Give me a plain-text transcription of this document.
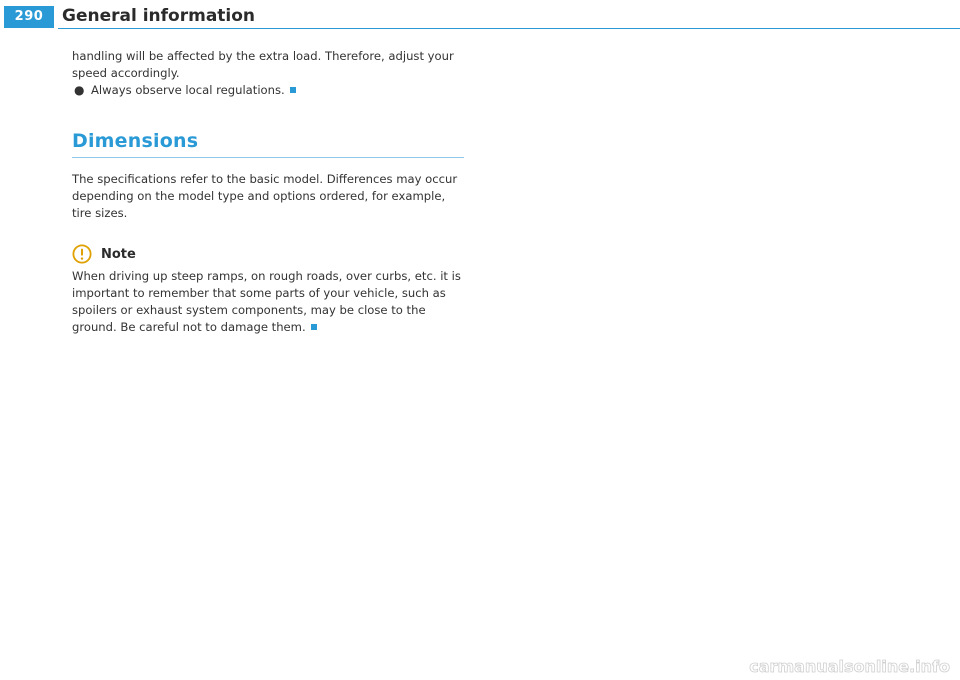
290	General information

handling will be affected by the extra load. Therefore, adjust your speed accordingly.

● Always observe local regulations.

Dimensions

The specifications refer to the basic model. Differences may occur depending on the model type and options ordered, for example, tire sizes.

Note

When driving up steep ramps, on rough roads, over curbs, etc. it is important to remember that some parts of your vehicle, such as spoilers or exhaust system components, may be close to the ground. Be careful not to damage them.

carmanualsonline.info
